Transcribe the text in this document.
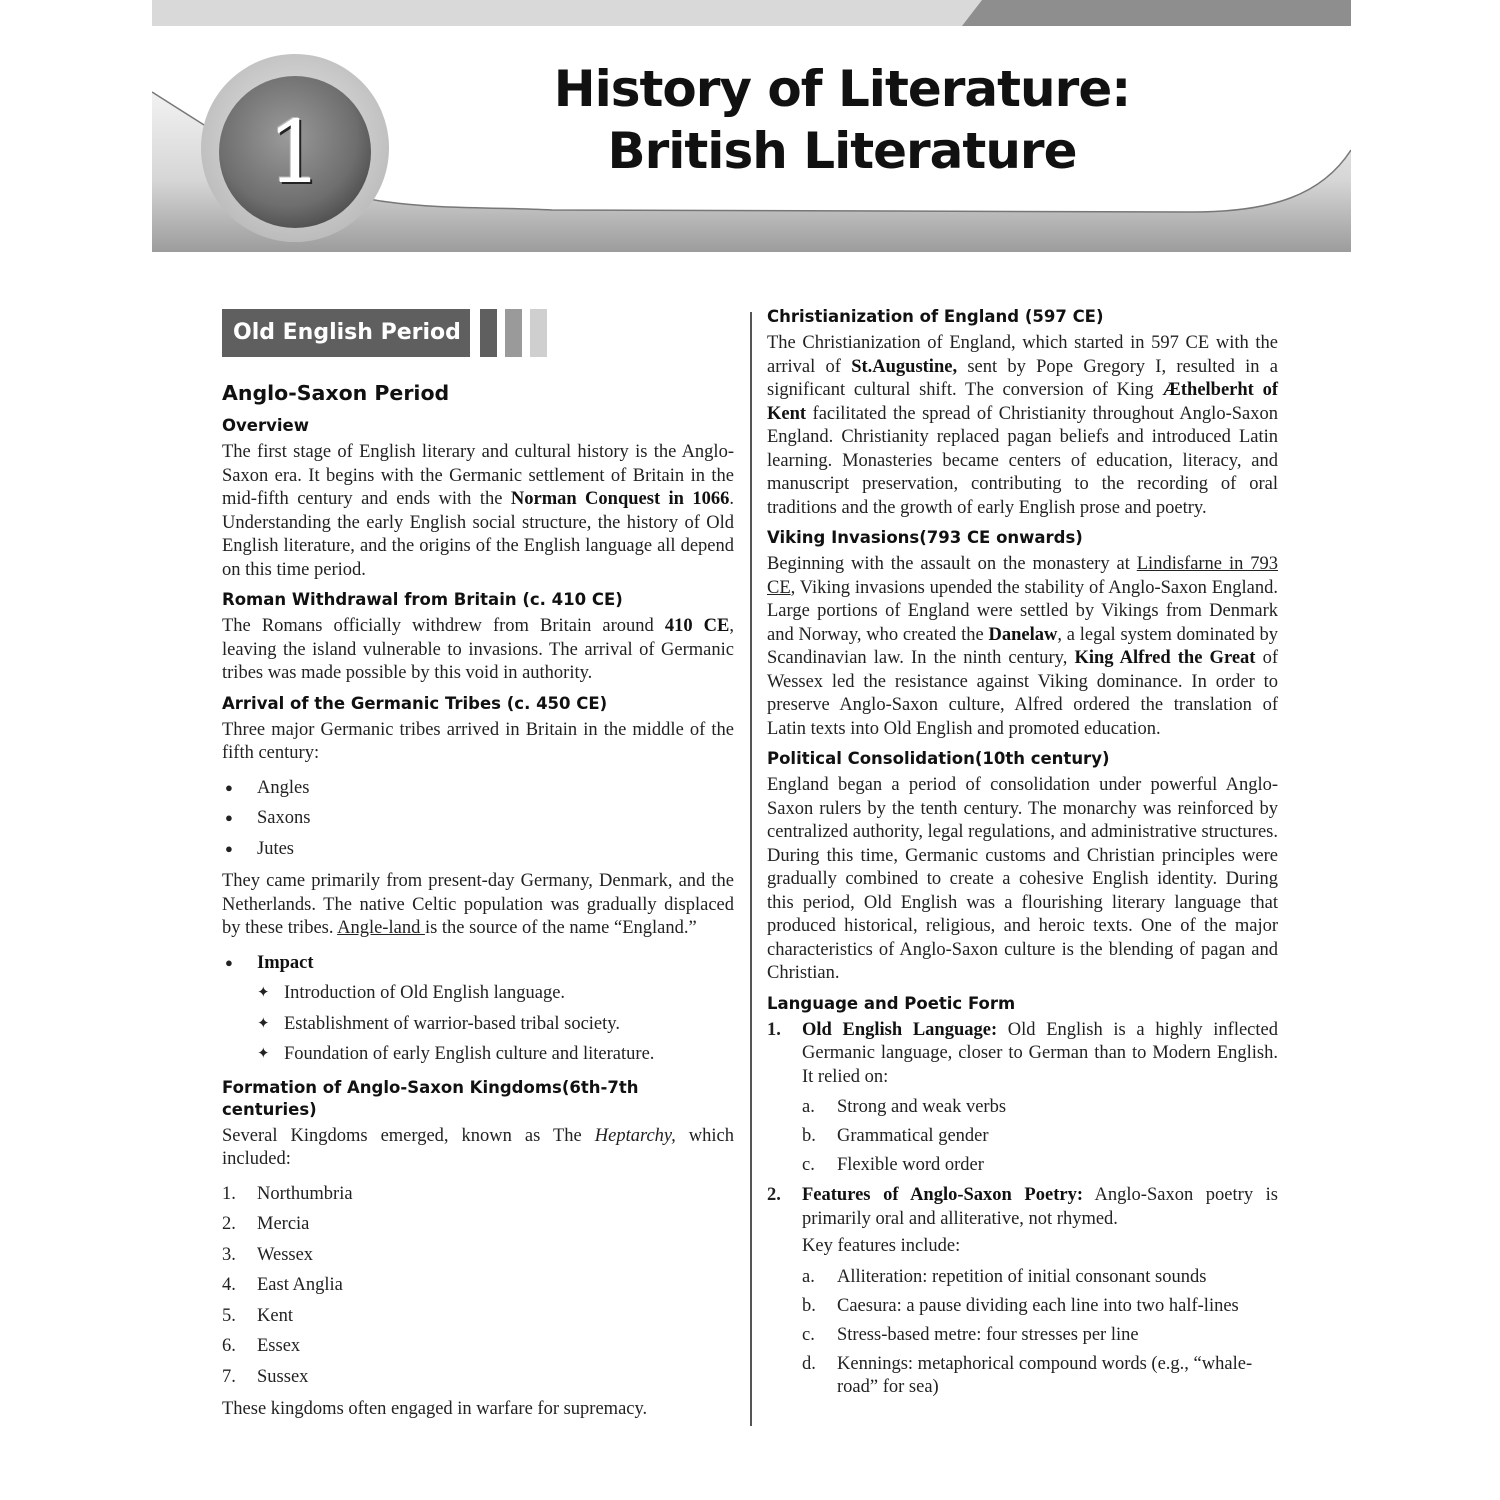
1
History of Literature:
British Literature
Old English Period
Anglo-Saxon Period
Overview

The first stage of English literary and cultural history is the Anglo-Saxon era. It begins with the Germanic settlement of Britain in the mid-fifth century and ends with the Norman Conquest in 1066. Understanding the early English social structure, the history of Old English literature, and the origins of the English language all depend on this time period.

Roman Withdrawal from Britain (c. 410 CE)

The Romans officially withdrew from Britain around 410 CE, leaving the island vulnerable to invasions. The arrival of Germanic tribes was made possible by this void in authority.

Arrival of the Germanic Tribes (c. 450 CE)

Three major Germanic tribes arrived in Britain in the middle of the fifth century:

● Angles
● Saxons
● Jutes

They came primarily from present-day Germany, Denmark, and the Netherlands. The native Celtic population was gradually displaced by these tribes. Angle-land is the source of the name “England.”

● Impact
✦ Introduction of Old English language.
✦ Establishment of warrior-based tribal society.
✦ Foundation of early English culture and literature.
Formation of Anglo-Saxon Kingdoms(6th-7th centuries)

Several Kingdoms emerged, known as The Heptarchy, which included:

1. Northumbria
2. Mercia
3. Wessex
4. East Anglia
5. Kent
6. Essex
7. Sussex

These kingdoms often engaged in warfare for supremacy.

Christianization of England (597 CE)

The Christianization of England, which started in 597 CE with the arrival of St.Augustine, sent by Pope Gregory I, resulted in a significant cultural shift. The conversion of King Æthelberht of Kent facilitated the spread of Christianity throughout Anglo-Saxon England. Christianity replaced pagan beliefs and introduced Latin learning. Monasteries became centers of education, literacy, and manuscript preservation, contributing to the recording of oral traditions and the growth of early English prose and poetry.

Viking Invasions(793 CE onwards)

Beginning with the assault on the monastery at Lindisfarne in 793 CE, Viking invasions upended the stability of Anglo-Saxon England. Large portions of England were settled by Vikings from Denmark and Norway, who created the Danelaw, a legal system dominated by Scandinavian law. In the ninth century, King Alfred the Great of Wessex led the resistance against Viking dominance. In order to preserve Anglo-Saxon culture, Alfred ordered the translation of Latin texts into Old English and promoted education.

Political Consolidation(10th century)

England began a period of consolidation under powerful Anglo-Saxon rulers by the tenth century. The monarchy was reinforced by centralized authority, legal regulations, and administrative structures. During this time, Germanic customs and Christian principles were gradually combined to create a cohesive English identity. During this period, Old English was a flourishing literary language that produced historical, religious, and heroic texts. One of the major characteristics of Anglo-Saxon culture is the blending of pagan and Christian.

Language and Poetic Form
1. Old English Language: Old English is a highly inflected Germanic language, closer to German than to Modern English. It relied on:
a. Strong and weak verbs
b. Grammatical gender
c. Flexible word order
2. Features of Anglo-Saxon Poetry: Anglo-Saxon poetry is primarily oral and alliterative, not rhymed.
Key features include:
a. Alliteration: repetition of initial consonant sounds
b. Caesura: a pause dividing each line into two half-lines
c. Stress-based metre: four stresses per line
d. Kennings: metaphorical compound words (e.g., “whale-road” for sea)
